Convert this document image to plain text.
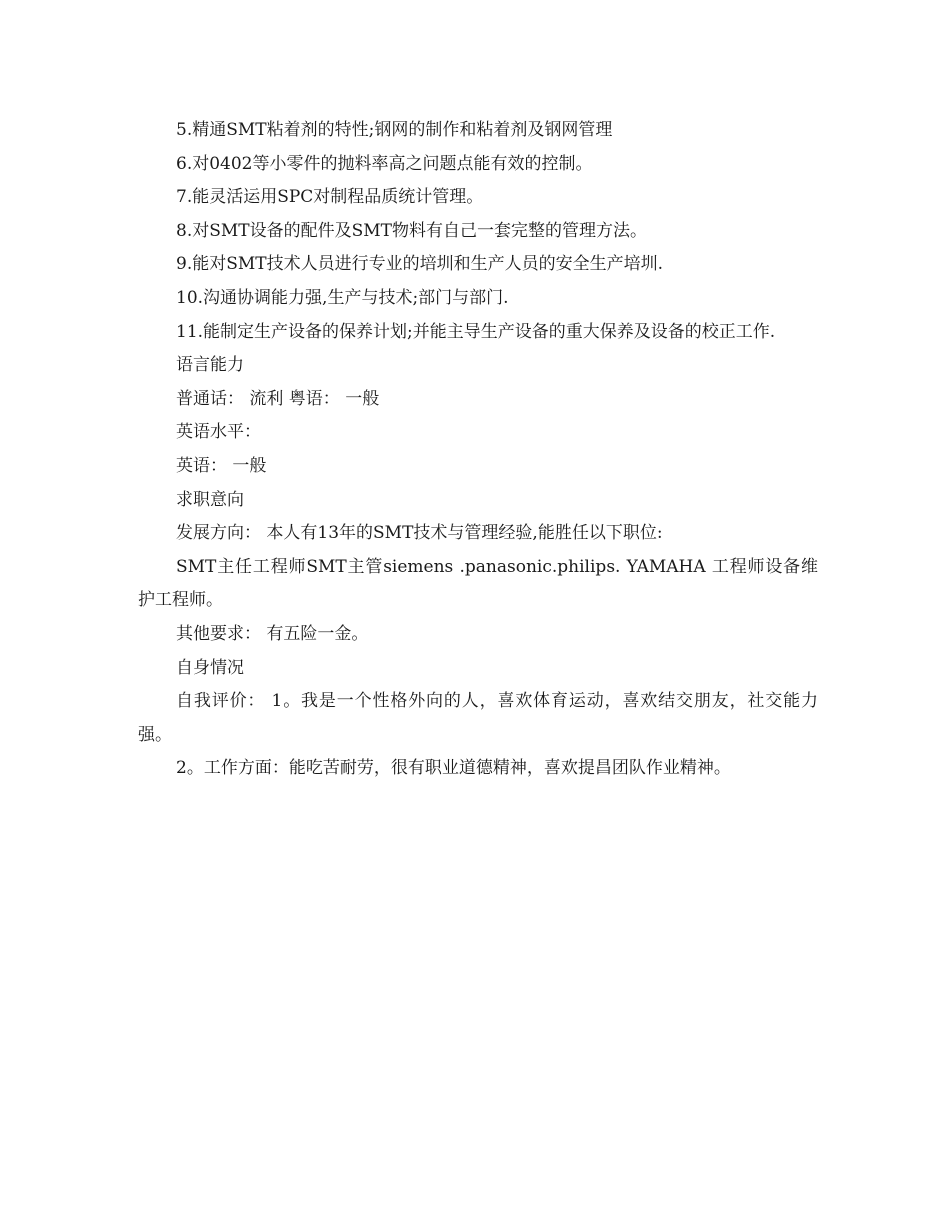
5.精通SMT粘着剂的特性;钢网的制作和粘着剂及钢网管理

6.对0402等小零件的抛料率高之问题点能有效的控制。

7.能灵活运用SPC对制程品质统计管理。

8.对SMT设备的配件及SMT物料有自己一套完整的管理方法。

9.能对SMT技术人员进行专业的培圳和生产人员的安全生产培圳.

10.沟通协调能力强,生产与技术;部门与部门.

11.能制定生产设备的保养计划;并能主导生产设备的重大保养及设备的校正工作.

语言能力

普通话： 流利 粤语： 一般

英语水平：

英语： 一般

求职意向

发展方向： 本人有13年的SMT技术与管理经验,能胜任以下职位:

SMT主任工程师SMT主管siemens .panasonic.philips. YAMAHA 工程师设备维护工程师。

其他要求： 有五险一金。

自身情况

自我评价： 1。我是一个性格外向的人，喜欢体育运动，喜欢结交朋友，社交能力强。

2。工作方面：能吃苦耐劳，很有职业道德精神，喜欢提昌团队作业精神。
